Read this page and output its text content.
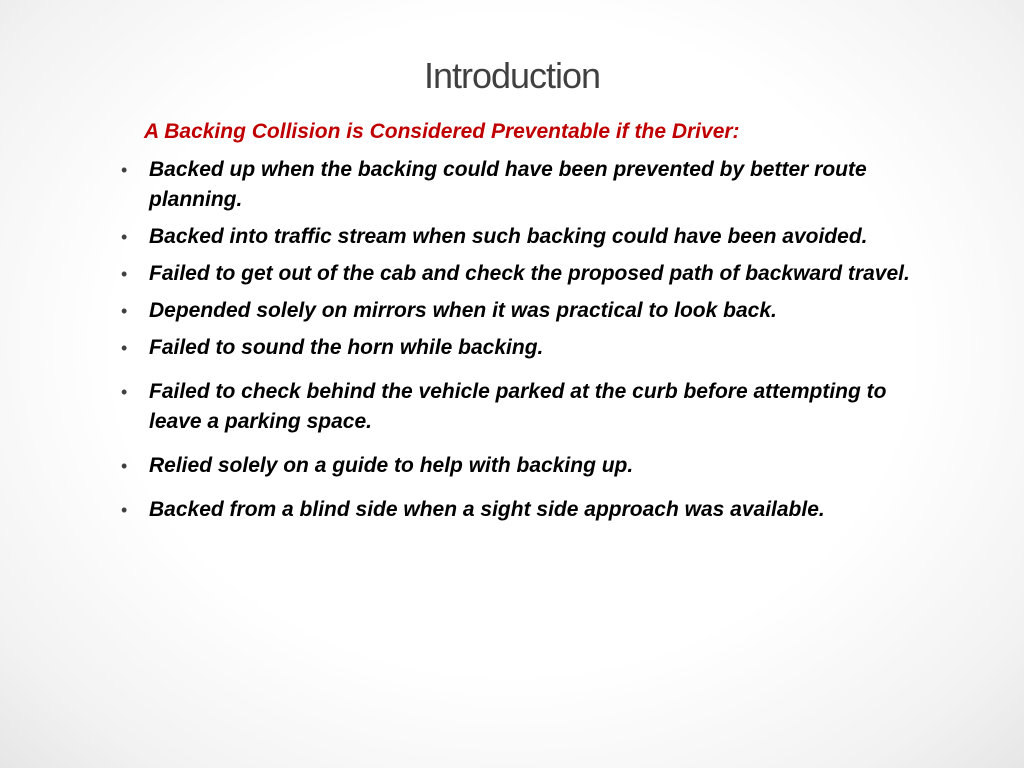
Introduction
A Backing Collision is Considered Preventable if the Driver:
• Backed up when the backing could have been prevented by better route planning.
• Backed into traffic stream when such backing could have been avoided.
• Failed to get out of the cab and check the proposed path of backward travel.
• Depended solely on mirrors when it was practical to look back.
• Failed to sound the horn while backing.
• Failed to check behind the vehicle parked at the curb before attempting to leave a parking space.
• Relied solely on a guide to help with backing up.
• Backed from a blind side when a sight side approach was available.
